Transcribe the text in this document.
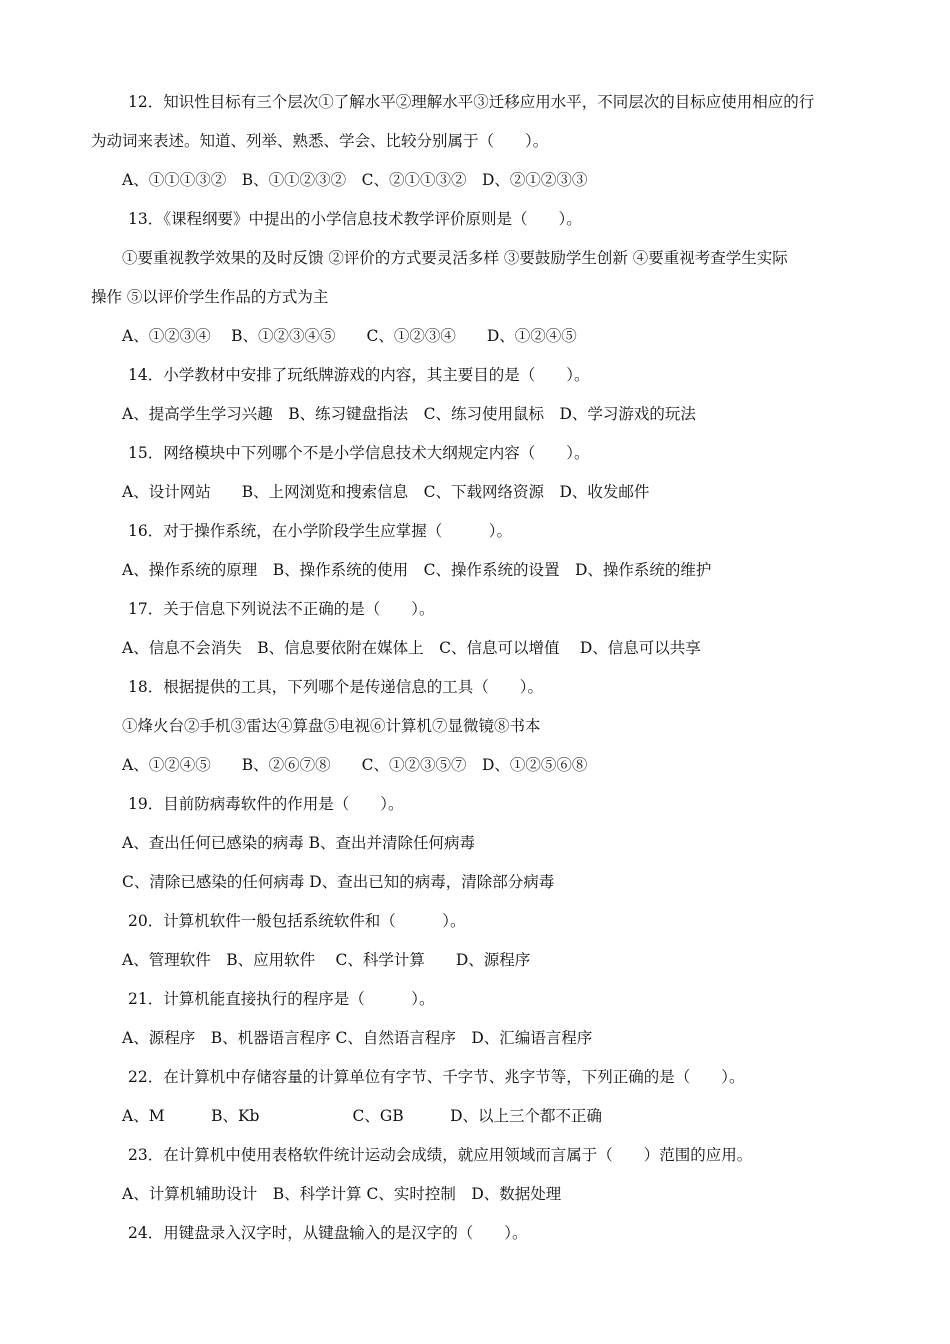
12．知识性目标有三个层次①了解水平②理解水平③迁移应用水平，不同层次的目标应使用相应的行
为动词来表述。知道、列举、熟悉、学会、比较分别属于（　　）。
A、①①①③②　B、①①②③②　C、②①①③②　D、②①②③③
13．《课程纲要》中提出的小学信息技术教学评价原则是（　　）。
①要重视教学效果的及时反馈 ②评价的方式要灵活多样 ③要鼓励学生创新 ④要重视考查学生实际
操作 ⑤以评价学生作品的方式为主
A、①②③④　 B、①②③④⑤　　C、①②③④　　D、①②④⑤
14．小学教材中安排了玩纸牌游戏的内容，其主要目的是（　　）。
A、提高学生学习兴趣　B、练习键盘指法　C、练习使用鼠标　D、学习游戏的玩法
15．网络模块中下列哪个不是小学信息技术大纲规定内容（　　）。
A、设计网站　　B、上网浏览和搜索信息　C、下载网络资源　D、收发邮件
16．对于操作系统，在小学阶段学生应掌握（　　　）。
A、操作系统的原理　B、操作系统的使用　C、操作系统的设置　D、操作系统的维护
17．关于信息下列说法不正确的是（　　）。
A、信息不会消失　B、信息要依附在媒体上　C、信息可以增值　 D、信息可以共享
18．根据提供的工具，下列哪个是传递信息的工具（　　）。
①烽火台②手机③雷达④算盘⑤电视⑥计算机⑦显微镜⑧书本
A、①②④⑤　　B、②⑥⑦⑧　　C、①②③⑤⑦　D、①②⑤⑥⑧
19．目前防病毒软件的作用是（　　）。
A、查出任何已感染的病毒 B、查出并清除任何病毒
C、清除已感染的任何病毒 D、查出已知的病毒，清除部分病毒
20．计算机软件一般包括系统软件和（　　　）。
A、管理软件　B、应用软件　 C、科学计算　　D、源程序
21．计算机能直接执行的程序是（　　　）。
A、源程序　B、机器语言程序 C、自然语言程序　D、汇编语言程序
22．在计算机中存储容量的计算单位有字节、千字节、兆字节等，下列正确的是（　　）。
A、M　　　B、Kb　　　　　　C、GB　　　D、以上三个都不正确
23．在计算机中使用表格软件统计运动会成绩，就应用领域而言属于（　　）范围的应用。
A、计算机辅助设计　B、科学计算 C、实时控制　D、数据处理
24．用键盘录入汉字时，从键盘输入的是汉字的（　　）。
